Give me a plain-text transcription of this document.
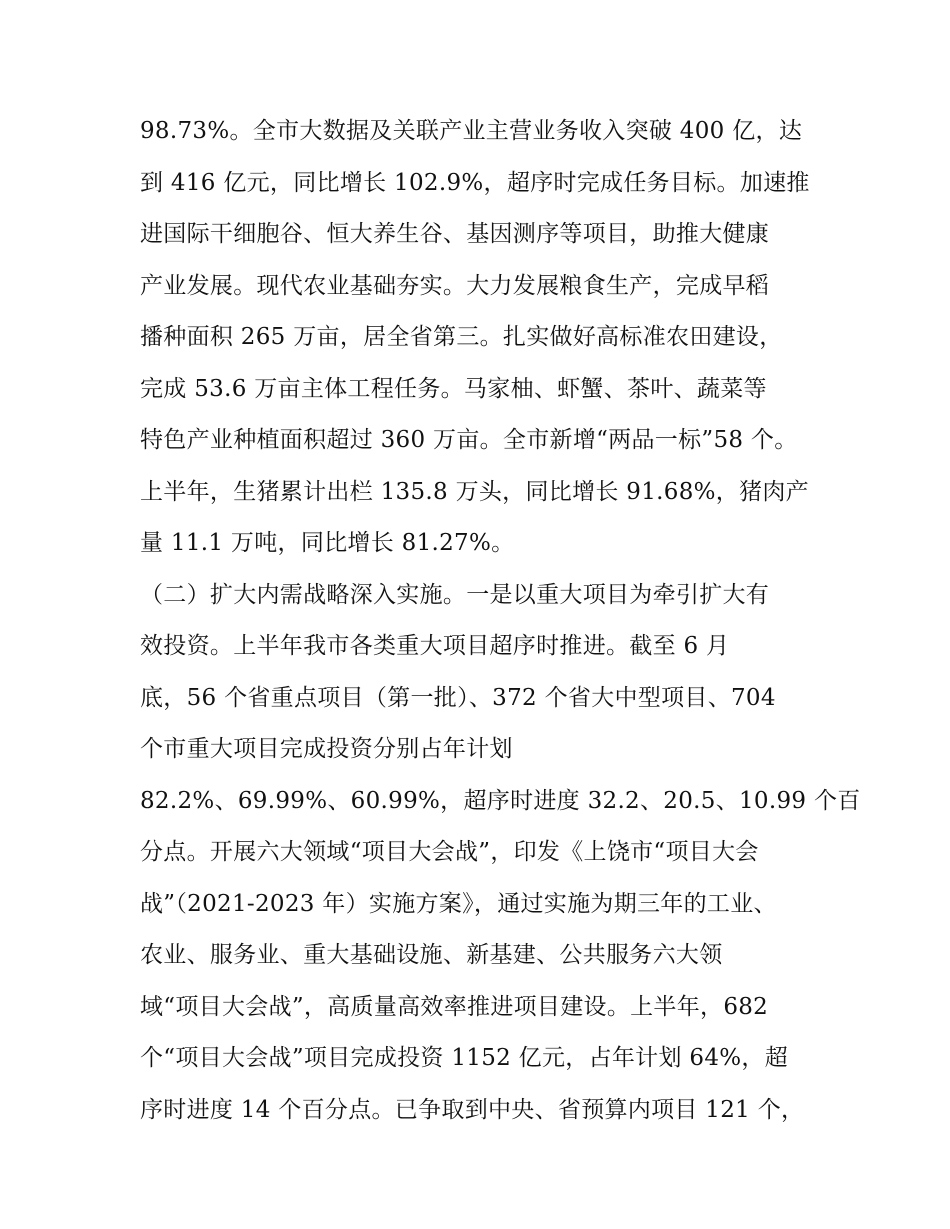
98.73%。全市大数据及关联产业主营业务收入突破 400 亿，达
到 416 亿元，同比增长 102.9%，超序时完成任务目标。加速推
进国际干细胞谷、恒大养生谷、基因测序等项目，助推大健康
产业发展。现代农业基础夯实。大力发展粮食生产，完成早稻
播种面积 265 万亩，居全省第三。扎实做好高标准农田建设，
完成 53.6 万亩主体工程任务。马家柚、虾蟹、茶叶、蔬菜等
特色产业种植面积超过 360 万亩。全市新增“两品一标”58 个。
上半年，生猪累计出栏 135.8 万头，同比增长 91.68%，猪肉产
量 11.1 万吨，同比增长 81.27%。
（二）扩大内需战略深入实施。一是以重大项目为牵引扩大有
效投资。上半年我市各类重大项目超序时推进。截至 6 月
底，56 个省重点项目（第一批）、372 个省大中型项目、704
个市重大项目完成投资分别占年计划
82.2%、69.99%、60.99%，超序时进度 32.2、20.5、10.99 个百
分点。开展六大领域“项目大会战”，印发《上饶市“项目大会
战”（2021-2023 年）实施方案》，通过实施为期三年的工业、
农业、服务业、重大基础设施、新基建、公共服务六大领
域“项目大会战”，高质量高效率推进项目建设。上半年，682
个“项目大会战”项目完成投资 1152 亿元，占年计划 64%，超
序时进度 14 个百分点。已争取到中央、省预算内项目 121 个，
